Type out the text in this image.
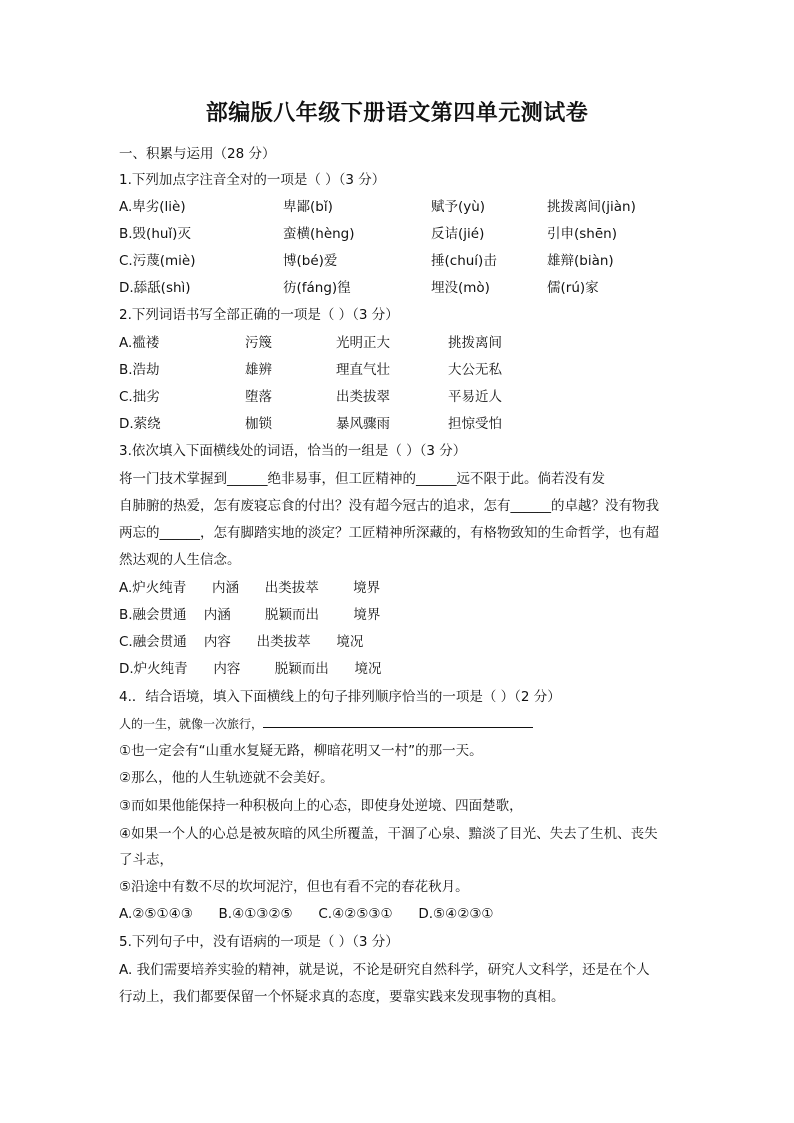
部编版八年级下册语文第四单元测试卷
一、积累与运用（28 分）
1.下列加点字注音全对的一项是（ ）（3 分）
A.卑劣(liè)	卑鄙(bǐ)	赋予(yù)	挑拨离间(jiàn)
B.毁(huǐ)灭	蛮横(hèng)	反诘(jié)	引申(shēn)
C.污蔑(miè)	博(bé)爱	捶(chuí)击	雄辩(biàn)
D.舔舐(shì)	彷(fáng)徨	埋没(mò)	儒(rú)家
2.下列词语书写全部正确的一项是（ ）（3 分）
A.褴褛	污篾	光明正大	挑拨离间
B.浩劫	雄辨	理直气壮	大公无私
C.拙劣	堕落	出类拔翠	平易近人
D.萦绕	枷锁	暴风骤雨	担惊受怕
3.依次填入下面横线处的词语，恰当的一组是（ ）（3 分）
将一门技术掌握到______绝非易事，但工匠精神的______远不限于此。倘若没有发
自肺腑的热爱，怎有废寝忘食的付出？没有超今冠古的追求，怎有______的卓越？没有物我
两忘的______，怎有脚踏实地的淡定？工匠精神所深藏的，有格物致知的生命哲学，也有超
然达观的人生信念。
A.炉火纯青      内涵      出类拔萃        境界
B.融会贯通    内涵        脱颖而出        境界
C.融会贯通    内容      出类拔萃      境况
D.炉火纯青      内容        脱颖而出      境况
4.．结合语境，填入下面横线上的句子排列顺序恰当的一项是（ ）（2 分）
人的一生，就像一次旅行，
①也一定会有“山重水复疑无路，柳暗花明又一村”的那一天。
②那么，他的人生轨迹就不会美好。
③而如果他能保持一种积极向上的心态，即使身处逆境、四面楚歌，
④如果一个人的心总是被灰暗的风尘所覆盖，干涸了心泉、黯淡了目光、失去了生机、丧失
了斗志，
⑤沿途中有数不尽的坎坷泥泞，但也有看不完的春花秋月。
A.②⑤①④③      B.④①③②⑤      C.④②⑤③①      D.⑤④②③①
5.下列句子中，没有语病的一项是（ ）（3 分）
A. 我们需要培养实验的精神，就是说，不论是研究自然科学，研究人文科学，还是在个人
行动上，我们都要保留一个怀疑求真的态度，要靠实践来发现事物的真相。
